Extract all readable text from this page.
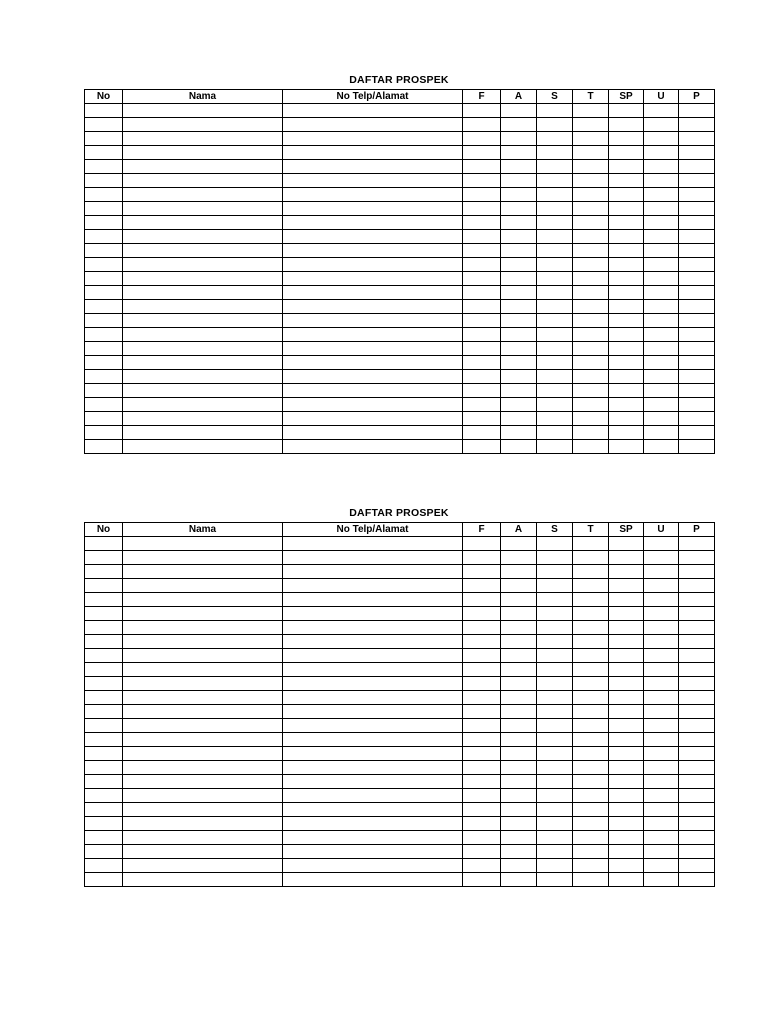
DAFTAR PROSPEK
No	Nama	No Telp/Alamat	F	A	S	T	SP	U	P

DAFTAR PROSPEK
No	Nama	No Telp/Alamat	F	A	S	T	SP	U	P
